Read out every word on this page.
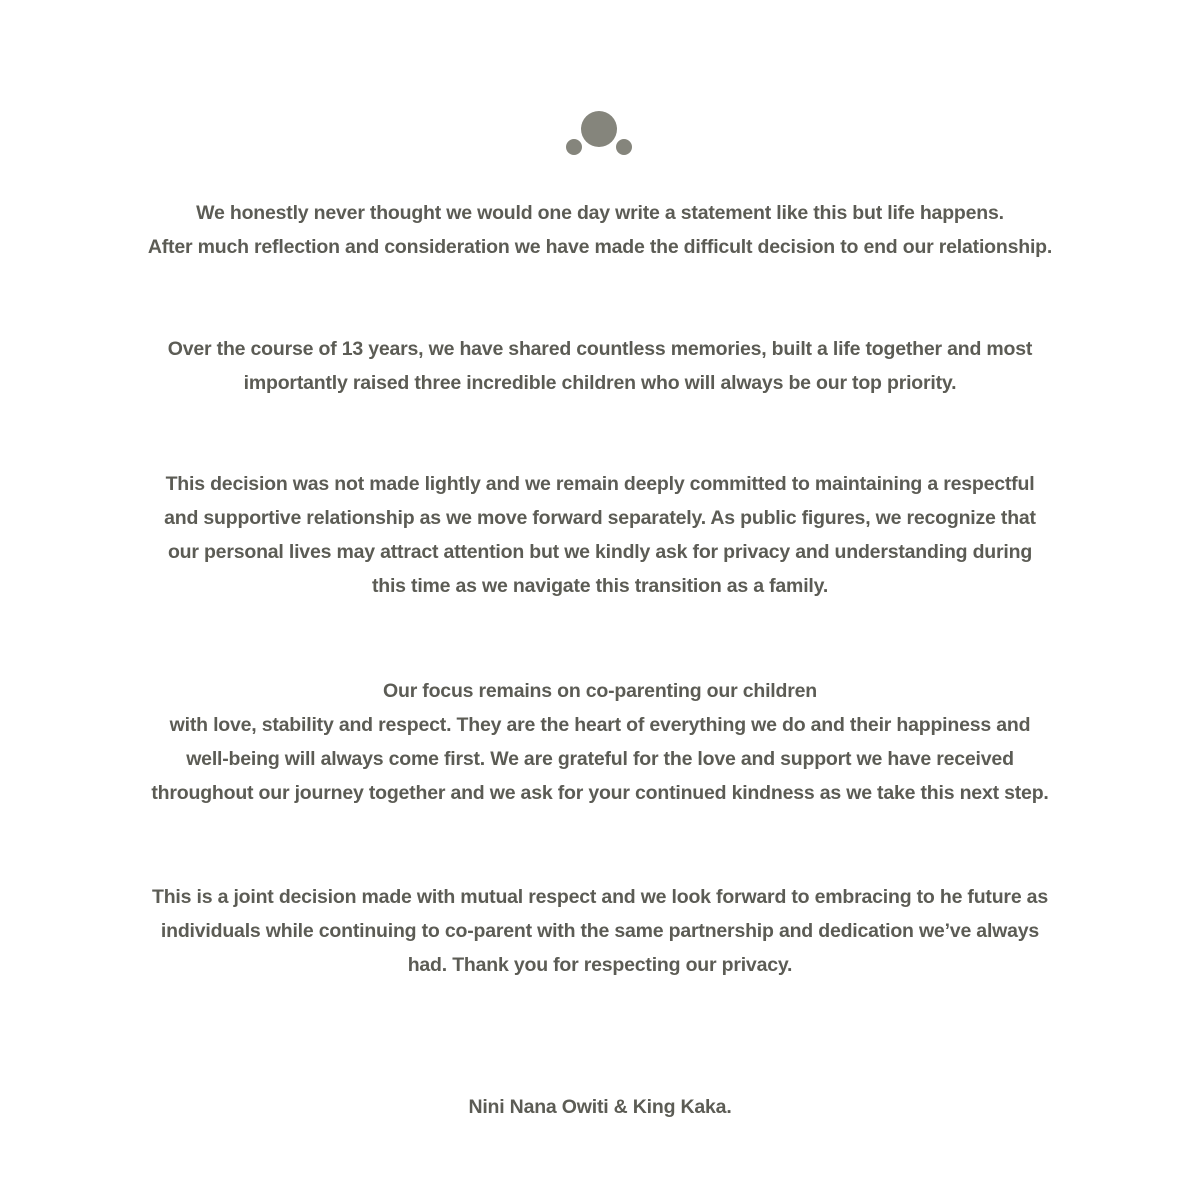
We honestly never thought we would one day write a statement like this but life happens.
After much reflection and consideration we have made the difficult decision to end our relationship.

Over the course of 13 years, we have shared countless memories, built a life together and most
importantly raised three incredible children who will always be our top priority.

This decision was not made lightly and we remain deeply committed to maintaining a respectful
and supportive relationship as we move forward separately. As public figures, we recognize that
our personal lives may attract attention but we kindly ask for privacy and understanding during
this time as we navigate this transition as a family.

Our focus remains on co-parenting our children
with love, stability and respect. They are the heart of everything we do and their happiness and
well-being will always come first. We are grateful for the love and support we have received
throughout our journey together and we ask for your continued kindness as we take this next step.

This is a joint decision made with mutual respect and we look forward to embracing to he future as
individuals while continuing to co-parent with the same partnership and dedication we’ve always
had. Thank you for respecting our privacy.

Nini Nana Owiti & King Kaka.
